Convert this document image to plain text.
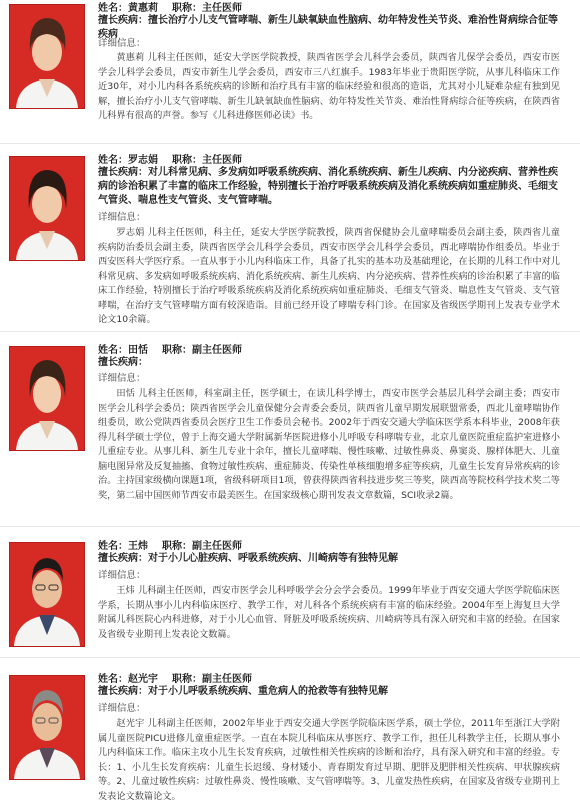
姓名：黄惠莉 职称：主任医师
擅长疾病：擅长治疗小儿支气管哮喘、新生儿缺氧缺血性脑病、幼年特发性关节炎、难治性肾病综合征等疾病
详细信息：
黄惠莉 儿科主任医师，延安大学医学院教授，陕西省医学会儿科学会委员，陕西省儿保学会委员，西安市医学会儿科学会委员，西安市新生儿学会委员，西安市三八红旗手。1983年毕业于贵阳医学院，从事儿科临床工作近30年，对小儿内科各系统疾病的诊断和治疗具有丰富的临床经验和很高的造诣，尤其对小儿疑难杂症有独到见解，擅长治疗小儿支气管哮喘、新生儿缺氧缺血性脑病、幼年特发性关节炎、难治性肾病综合征等疾病，在陕西省儿科界有很高的声誉。参写《儿科进修医师必读》书。
姓名：罗志娟 职称：主任医师
擅长疾病：对儿科常见病、多发病如呼吸系统疾病、消化系统疾病、新生儿疾病、内分泌疾病、营养性疾病的诊治积累了丰富的临床工作经验，特别擅长于治疗呼吸系统疾病及消化系统疾病如重症肺炎、毛细支气管炎、喘息性支气管炎、支气管哮喘。
详细信息：
罗志娟 儿科主任医师，科主任，延安大学医学院教授，陕西省保健协会儿童哮喘委员会副主委，陕西省儿童疾病防治委员会副主委，陕西省医学会儿科学会委员，西安市医学会儿科学会委员，西北哮喘协作组委员。毕业于西安医科大学医疗系。一直从事于小儿内科临床工作，具备了扎实的基本功及基础理论，在长期的儿科工作中对儿科常见病、多发病如呼吸系统疾病、消化系统疾病、新生儿疾病、内分泌疾病、营养性疾病的诊治积累了丰富的临床工作经验，特别擅长于治疗呼吸系统疾病及消化系统疾病如重症肺炎、毛细支气管炎、喘息性支气管炎、支气管哮喘，在治疗支气管哮喘方面有较深造诣。目前已经开设了哮喘专科门诊。在国家及省级医学期刊上发表专业学术论文10余篇。
姓名：田恬 职称：副主任医师
擅长疾病：
详细信息：
田恬 儿科主任医师，科室副主任，医学硕士，在读儿科学博士，西安市医学会基层儿科学会副主委；西安市医学会儿科学会委员；陕西省医学会儿童保健分会青委会委员，陕西省儿童早期发展联盟常委，西北儿童哮喘协作组委员，欧公党陕西省委员会医疗卫生工作委员会秘书。2002年于西安交通大学临床医学系本科毕业，2008年获得儿科学硕士学位，曾于上海交通大学附属新华医院进修小儿呼吸专科哮喘专业，北京儿童医院重症监护室进修小儿重症专业。从事儿科、新生儿专业十余年，擅长儿童哮喘、慢性咳嗽、过敏性鼻炎、鼻窦炎、腺样体肥大、儿童脑电图异常及反复抽搐、食物过敏性疾病、重症肺炎、传染性单核细胞增多症等疾病，儿童生长发育异常疾病的诊治。主持国家级横向课题1项，省级科研项目1项，曾获得陕西省科技进步奖三等奖，陕西高等院校科学技术奖二等奖，第二届中国医师节西安市最美医生。在国家级核心期刊发表文章数篇，SCI收录2篇。
姓名：王炜 职称：副主任医师
擅长疾病：对于小儿心脏疾病、呼吸系统疾病、川崎病等有独特见解
详细信息：
王炜 儿科副主任医师，西安市医学会儿科呼吸学会分会学会委员。1999年毕业于西安交通大学医学院临床医学系，长期从事小儿内科临床医疗、教学工作，对儿科各个系统疾病有丰富的临床经验。2004年至上海复旦大学附属儿科医院心内科进修，对于小儿心血管、肾脏及呼吸系统疾病、川崎病等具有深入研究和丰富的经验。在国家及省级专业期刊上发表论文数篇。
姓名：赵光宇 职称：副主任医师
擅长疾病：对于小儿呼吸系统疾病、重危病人的抢救等有独特见解
详细信息：
赵光宇 儿科副主任医师，2002年毕业于西安交通大学医学院临床医学系，硕士学位，2011年至浙江大学附属儿童医院PICU进修儿童重症医学。一直在本院儿科临床从事医疗、教学工作，担任儿科教学主任，长期从事小儿内科临床工作。临床主攻小儿生长发育疾病，过敏性相关性疾病的诊断和治疗，具有深入研究和丰富的经验。专长：1、小儿生长发育疾病：儿童生长迟缓、身材矮小、青春期发育过早期、肥胖及肥胖相关性疾病、甲状腺疾病等。2、儿童过敏性疾病：过敏性鼻炎、慢性咳嗽、支气管哮喘等。3、儿童发热性疾病，在国家及省级专业期刊上发表论文数篇论文。
